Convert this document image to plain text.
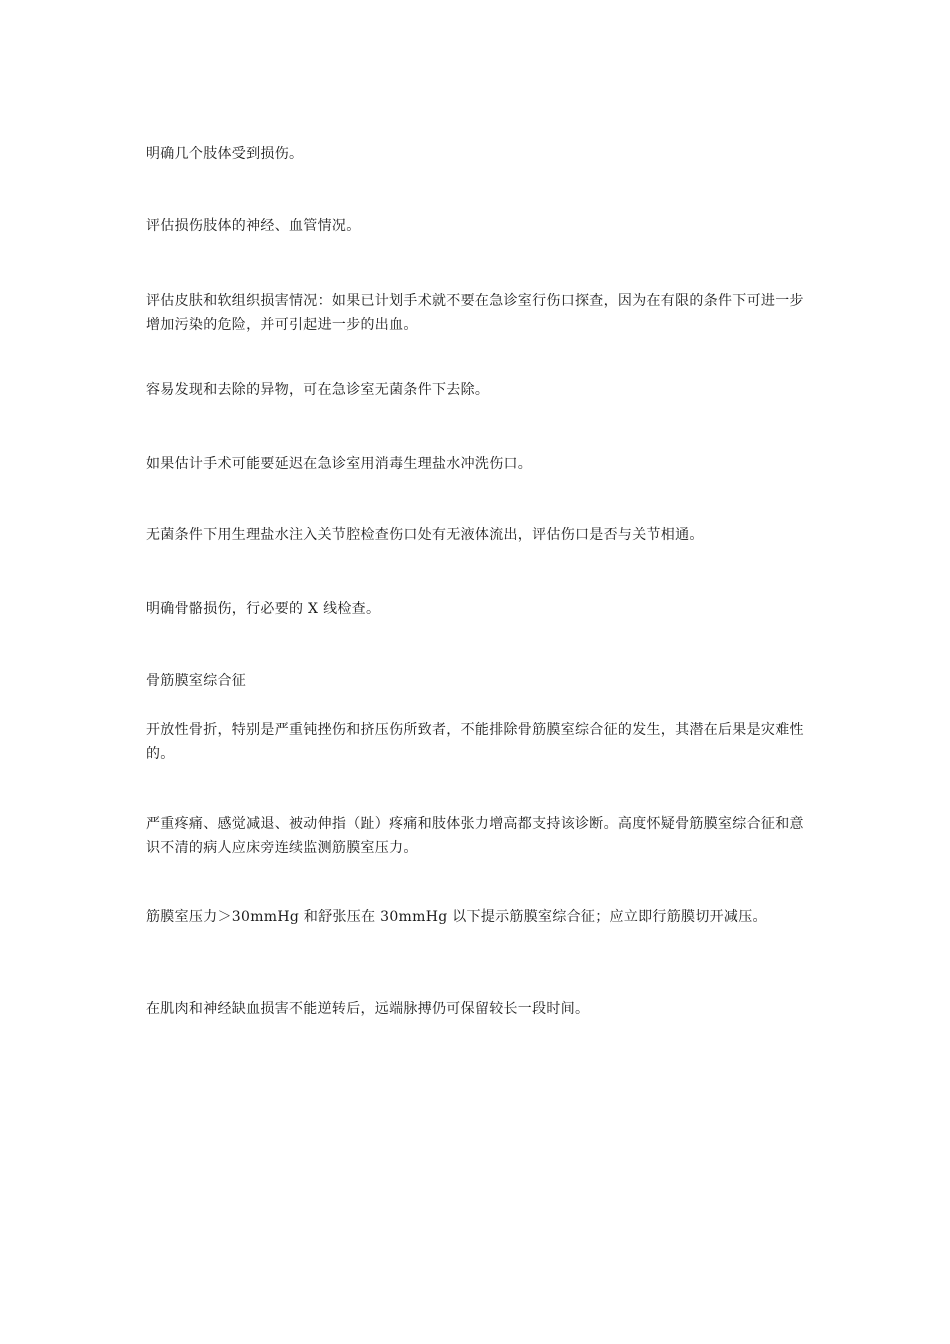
明确几个肢体受到损伤。

评估损伤肢体的神经、血管情况。

评估皮肤和软组织损害情况：如果已计划手术就不要在急诊室行伤口探查，因为在有限的条件下可进一步增加污染的危险，并可引起进一步的出血。

容易发现和去除的异物，可在急诊室无菌条件下去除。

如果估计手术可能要延迟在急诊室用消毒生理盐水冲洗伤口。

无菌条件下用生理盐水注入关节腔检查伤口处有无液体流出，评估伤口是否与关节相通。

明确骨骼损伤，行必要的 X 线检查。

骨筋膜室综合征

开放性骨折，特别是严重钝挫伤和挤压伤所致者，不能排除骨筋膜室综合征的发生，其潜在后果是灾难性的。

严重疼痛、感觉减退、被动伸指（趾）疼痛和肢体张力增高都支持该诊断。高度怀疑骨筋膜室综合征和意识不清的病人应床旁连续监测筋膜室压力。

筋膜室压力＞30mmHg 和舒张压在 30mmHg 以下提示筋膜室综合征；应立即行筋膜切开减压。

在肌肉和神经缺血损害不能逆转后，远端脉搏仍可保留较长一段时间。
